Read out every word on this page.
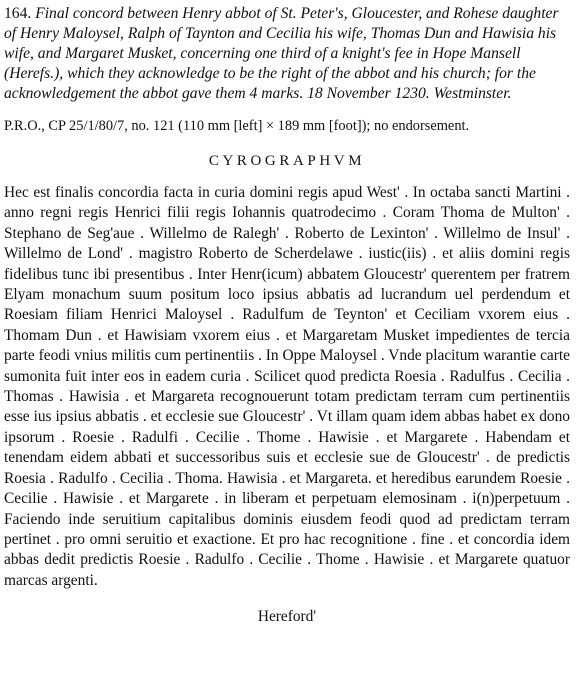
164. Final concord between Henry abbot of St. Peter's, Gloucester, and Rohese daughter of Henry Maloysel, Ralph of Taynton and Cecilia his wife, Thomas Dun and Hawisia his wife, and Margaret Musket, concerning one third of a knight's fee in Hope Mansell (Herefs.), which they acknowledge to be the right of the abbot and his church; for the acknowledgement the abbot gave them 4 marks. 18 November 1230. Westminster.

P.R.O., CP 25/1/80/7, no. 121 (110 mm [left] × 189 mm [foot]); no endorsement.

CYROGRAPHVM

Hec est finalis concordia facta in curia domini regis apud West' . In octaba sancti Martini . anno regni regis Henrici filii regis Iohannis quatrodecimo . Coram Thoma de Multon' . Stephano de Seg'aue . Willelmo de Ralegh' . Roberto de Lexinton' . Willelmo de Insul' . Willelmo de Lond' . magistro Roberto de Scherdelawe . iustic(iis) . et aliis domini regis fidelibus tunc ibi presentibus . Inter Henr(icum) abbatem Gloucestr' querentem per fratrem Elyam monachum suum positum loco ipsius abbatis ad lucrandum uel perdendum et Roesiam filiam Henrici Maloysel . Radulfum de Teynton' et Ceciliam vxorem eius . Thomam Dun . et Hawisiam vxorem eius . et Margaretam Musket impedientes de tercia parte feodi vnius militis cum pertinentiis . In Oppe Maloysel . Vnde placitum warantie carte sumonita fuit inter eos in eadem curia . Scilicet quod predicta Roesia . Radulfus . Cecilia . Thomas . Hawisia . et Margareta recognouerunt totam predictam terram cum pertinentiis esse ius ipsius abbatis . et ecclesie sue Gloucestr' . Vt illam quam idem abbas habet ex dono ipsorum . Roesie . Radulfi . Cecilie . Thome . Hawisie . et Margarete . Habendam et tenendam eidem abbati et successoribus suis et ecclesie sue de Gloucestr' . de predictis Roesia . Radulfo . Cecilia . Thoma. Hawisia . et Margareta. et heredibus earundem Roesie . Cecilie . Hawisie . et Margarete . in liberam et perpetuam elemosinam . i(n)perpetuum . Faciendo inde seruitium capitalibus dominis eiusdem feodi quod ad predictam terram pertinet . pro omni seruitio et exactione. Et pro hac recognitione . fine . et concordia idem abbas dedit predictis Roesie . Radulfo . Cecilie . Thome . Hawisie . et Margarete quatuor marcas argenti.

Hereford'
